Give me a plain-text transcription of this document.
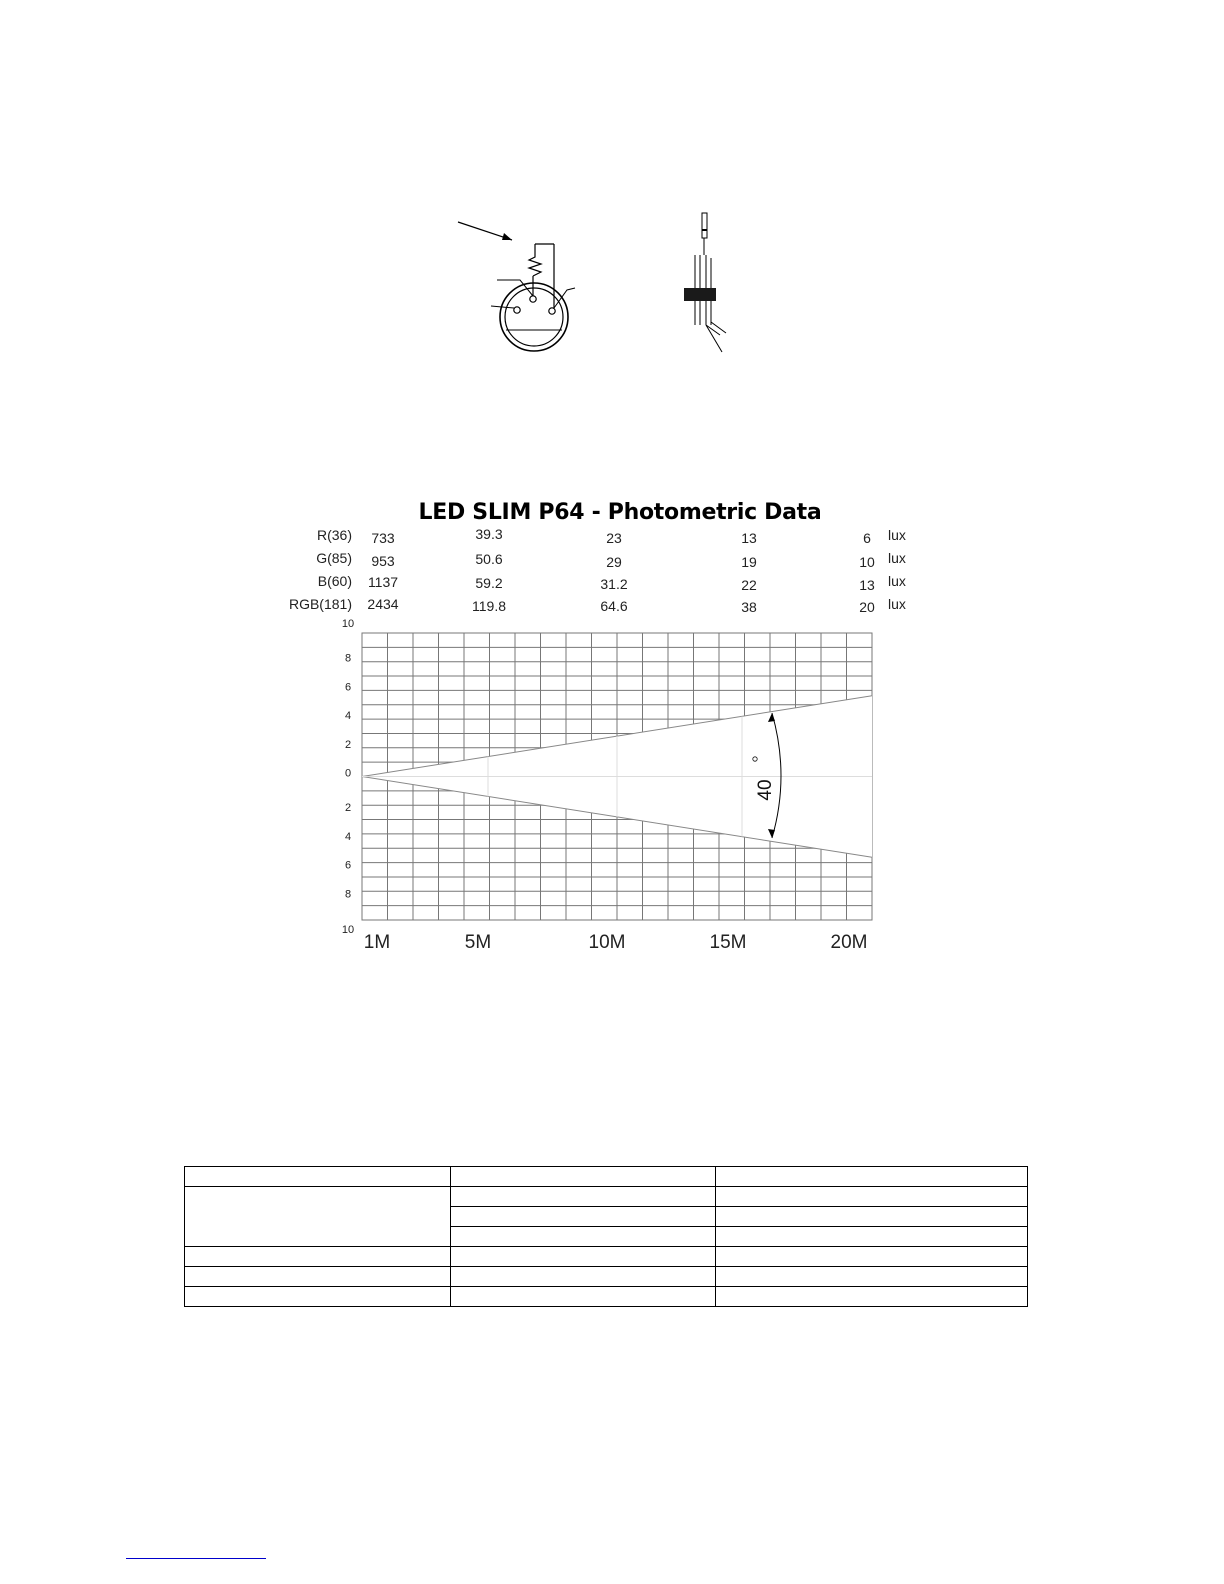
LED SLIM P64 - Photometric Data
10
8
6
4
2
0
2
4
6
8
10
1M	5M	10M	15M	20M
R(36) 733	39.3	23	13	6 lux
G(85) 953	50.6	29	19	10 lux
B(60) 1137	59.2	31.2	22	13 lux
RGB(181) 2434	119.8	64.6	38	20 lux
40
